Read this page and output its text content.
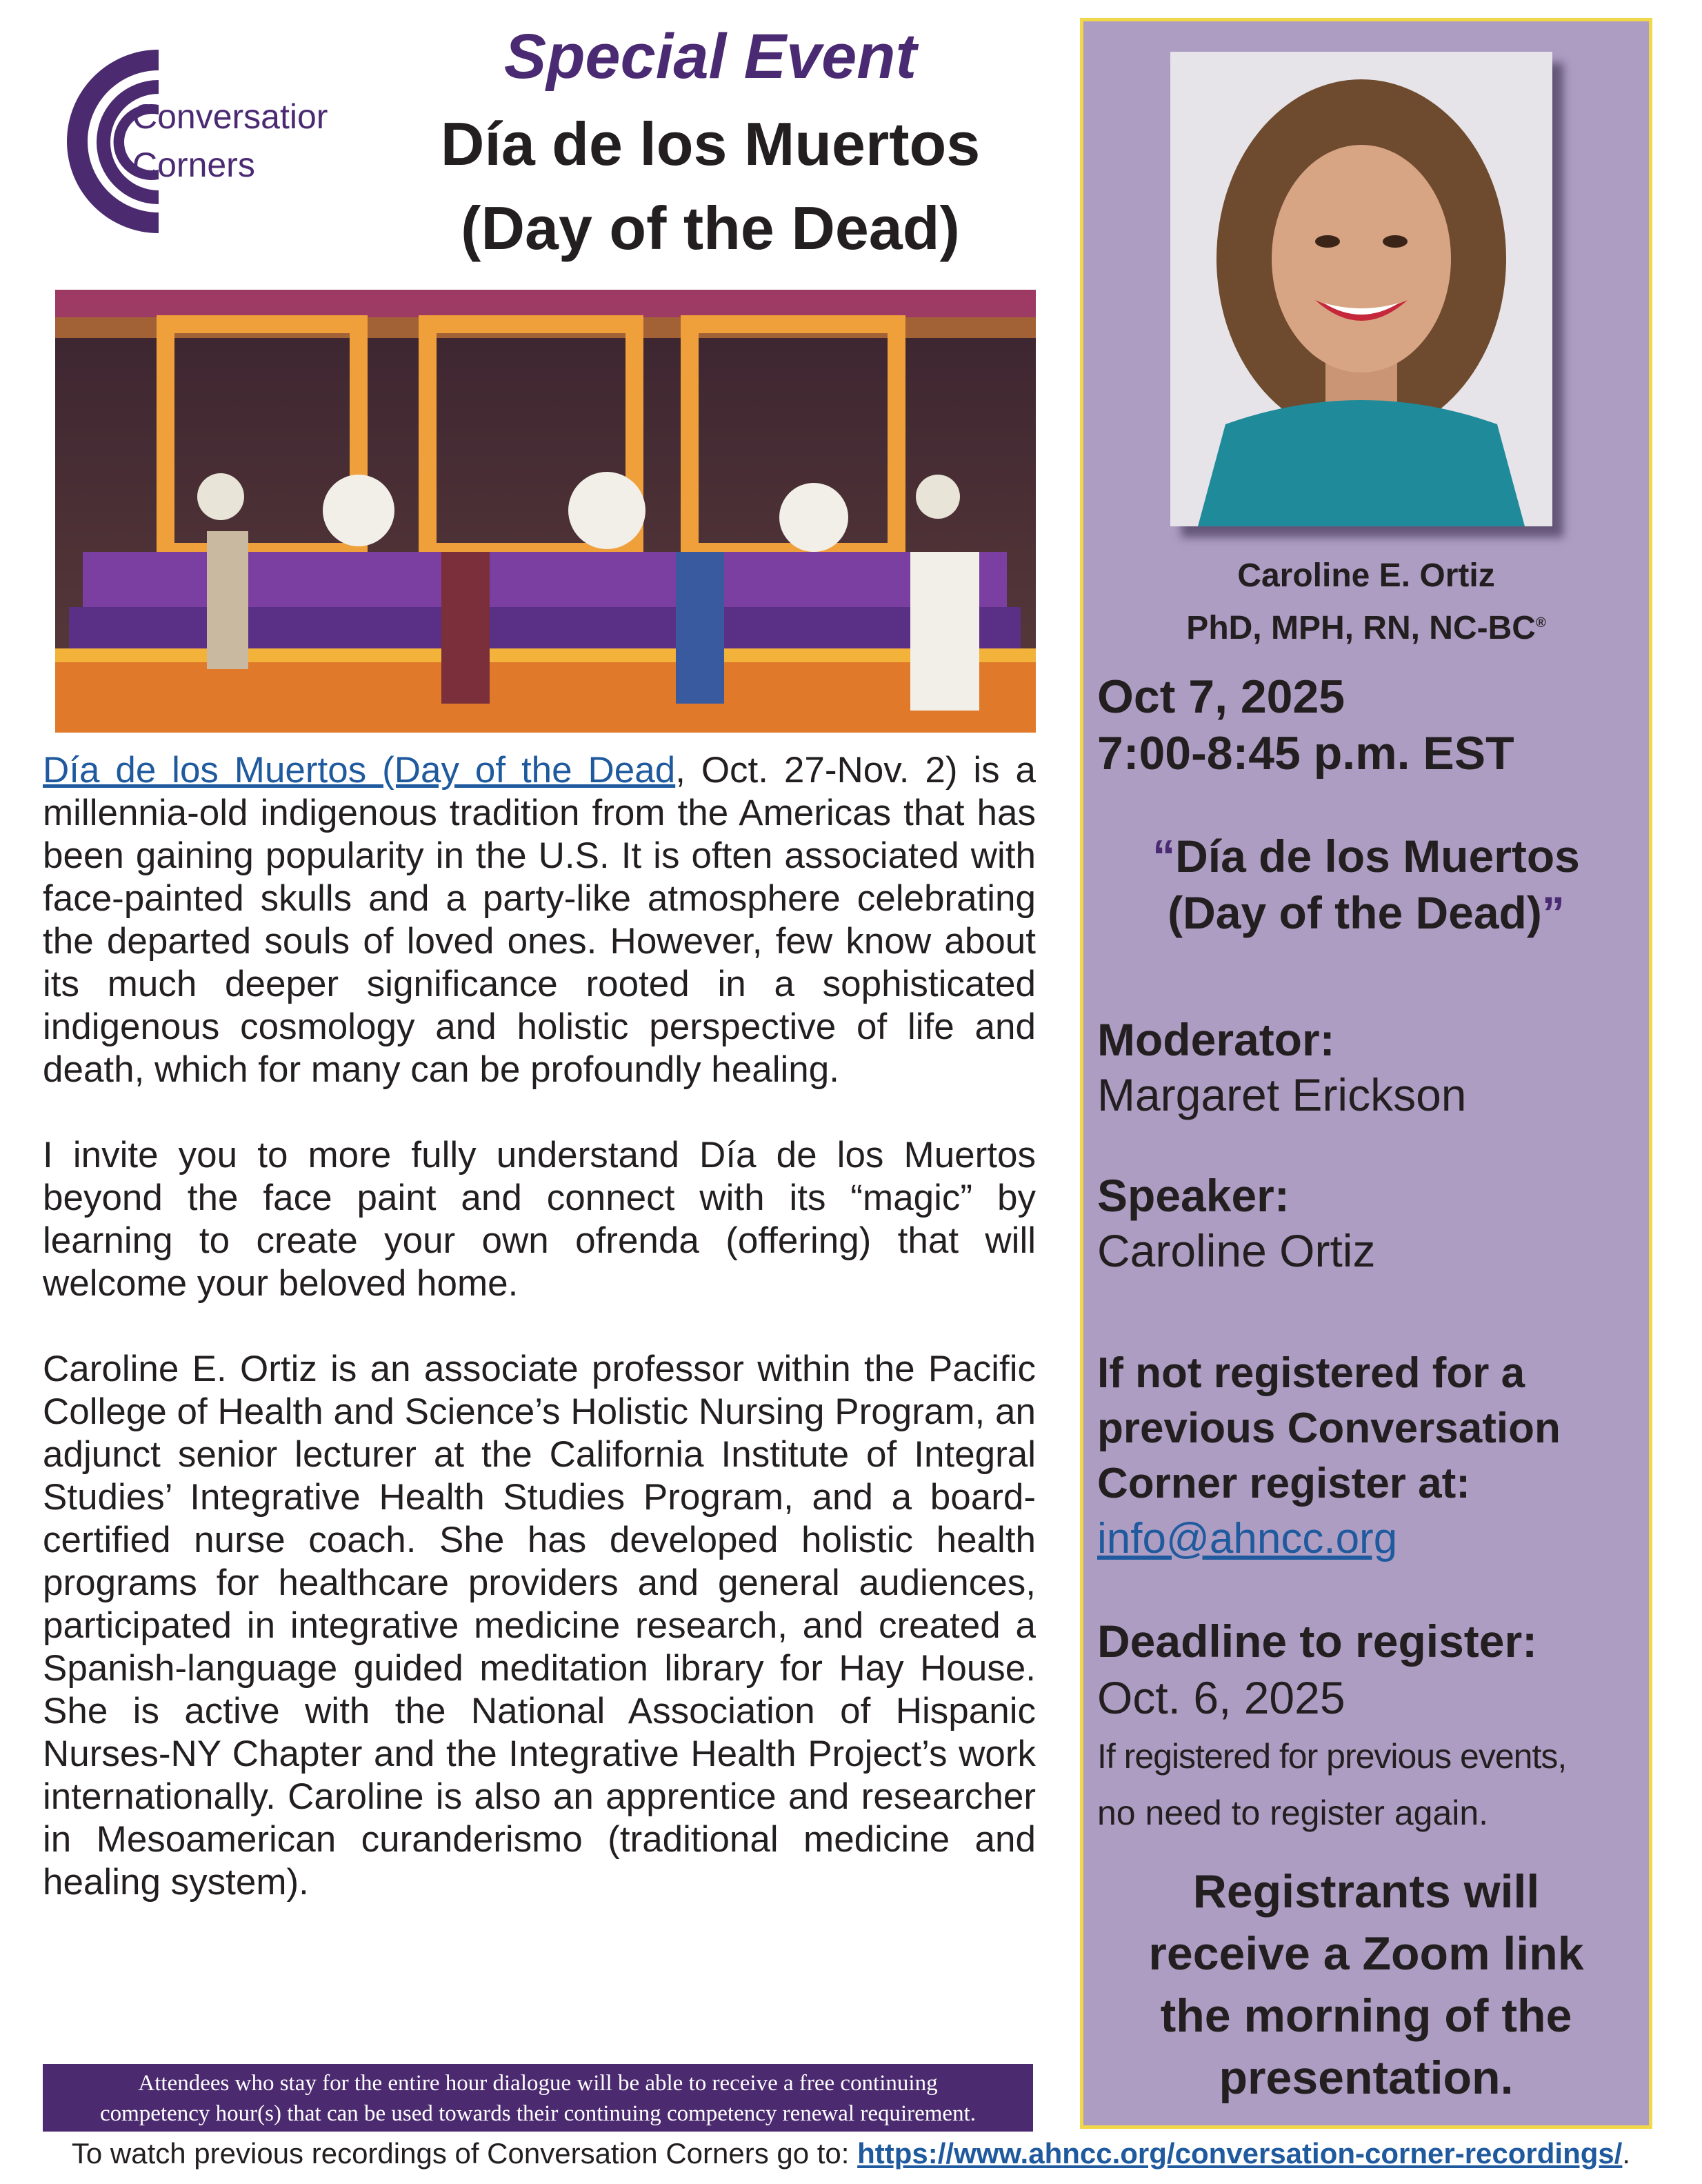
Conversatior
Corners
Special Event
Día de los Muertos
(Day of the Dead)

Día de los Muertos (Day of the Dead, Oct. 27-Nov. 2) is a millennia-old indigenous tradition from the Americas that has been gaining popularity in the U.S. It is often associated with face-painted skulls and a party-like atmosphere celebrating the departed souls of loved ones. However, few know about its much deeper significance rooted in a sophisticated indigenous cosmology and holistic perspective of life and death, which for many can be profoundly healing.

I invite you to more fully understand Día de los Muertos beyond the face paint and connect with its “magic” by learning to create your own ofrenda (offering) that will welcome your beloved home.

Caroline E. Ortiz is an associate professor within the Pacific College of Health and Science’s Holistic Nursing Program, an adjunct senior lecturer at the California Institute of Integral Studies’ Integrative Health Studies Program, and a board-certified nurse coach. She has developed holistic health programs for healthcare providers and general audiences, participated in integrative medicine research, and created a Spanish-language guided meditation library for Hay House. She is active with the National Association of Hispanic Nurses-NY Chapter and the Integrative Health Project’s work internationally. Caroline is also an apprentice and researcher in Mesoamerican curanderismo (traditional medicine and healing system).

Attendees who stay for the entire hour dialogue will be able to receive a free continuing
competency hour(s) that can be used towards their continuing competency renewal requirement.
To watch previous recordings of Conversation Corners go to: https://www.ahncc.org/conversation-corner-recordings/.
Caroline E. Ortiz
PhD, MPH, RN, NC-BC®
Oct 7, 2025
7:00-8:45 p.m. EST
“Día de los Muertos
(Day of the Dead)”
Moderator:
Margaret Erickson
Speaker:
Caroline Ortiz
If not registered for a
previous Conversation
Corner register at:
info@ahncc.org
Deadline to register:
Oct. 6, 2025
If registered for previous events,
no need to register again.
Registrants will
receive a Zoom link
the morning of the
presentation.
